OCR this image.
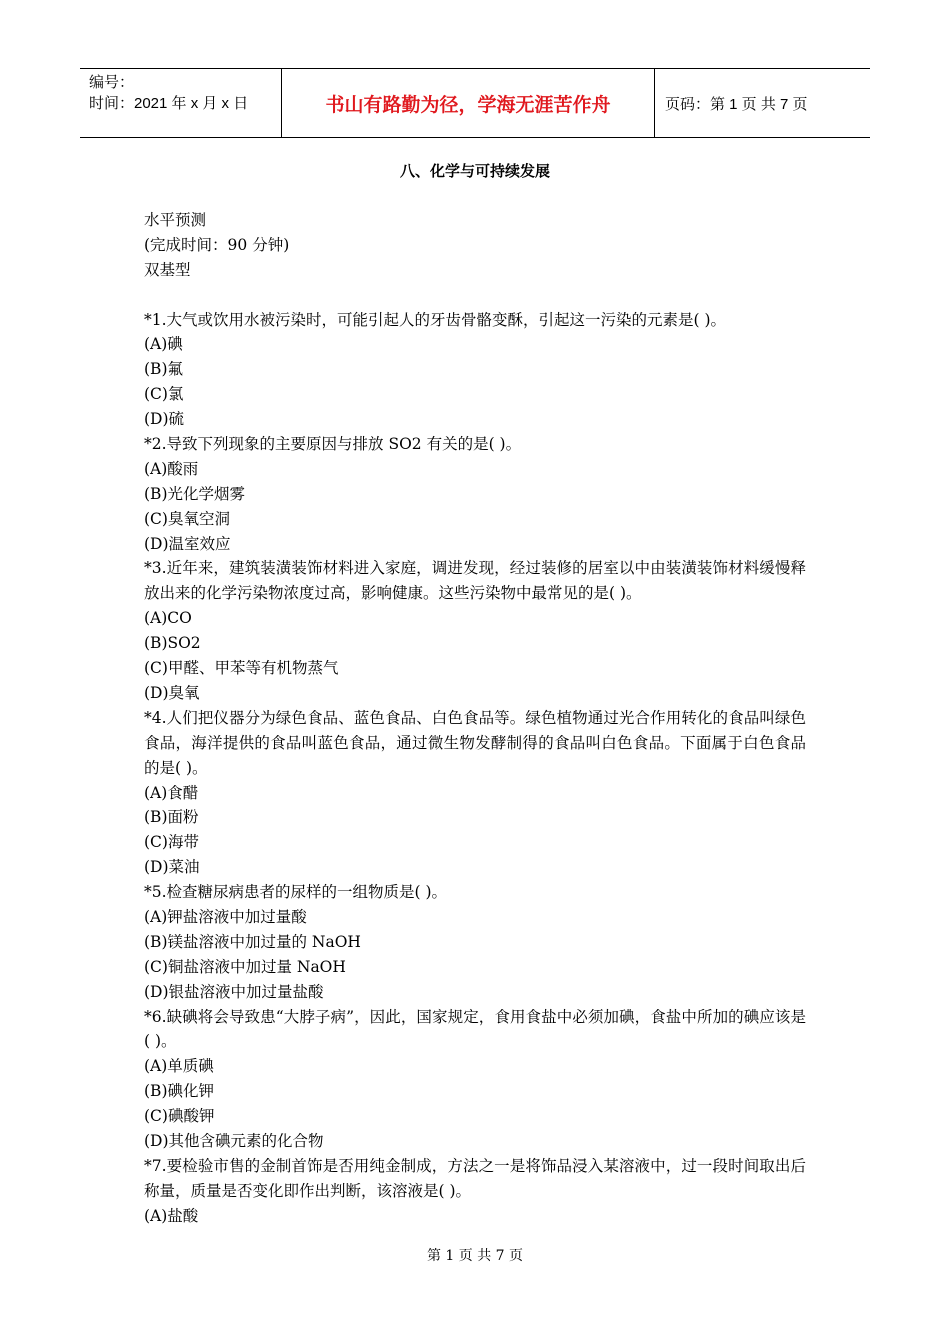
编号：
时间：2021 年 x 月 x 日	书山有路勤为径，学海无涯苦作舟	页码：第 1 页 共 7 页
八、化学与可持续发展
水平预测
(完成时间：90 分钟)
双基型
*1.大气或饮用水被污染时，可能引起人的牙齿骨骼变酥，引起这一污染的元素是( )。
(A)碘
(B)氟
(C)氯
(D)硫
*2.导致下列现象的主要原因与排放 SO2 有关的是( )。
(A)酸雨
(B)光化学烟雾
(C)臭氧空洞
(D)温室效应
*3.近年来，建筑装潢装饰材料进入家庭，调进发现，经过装修的居室以中由装潢装饰材料缓慢释放出来的化学污染物浓度过高，影响健康。这些污染物中最常见的是( )。
(A)CO
(B)SO2
(C)甲醛、甲苯等有机物蒸气
(D)臭氧
*4.人们把仪器分为绿色食品、蓝色食品、白色食品等。绿色植物通过光合作用转化的食品叫绿色食品，海洋提供的食品叫蓝色食品，通过微生物发酵制得的食品叫白色食品。下面属于白色食品的是( )。
(A)食醋
(B)面粉
(C)海带
(D)菜油
*5.检查糖尿病患者的尿样的一组物质是( )。
(A)钾盐溶液中加过量酸
(B)镁盐溶液中加过量的 NaOH
(C)铜盐溶液中加过量 NaOH
(D)银盐溶液中加过量盐酸
*6.缺碘将会导致患“大脖子病”，因此，国家规定，食用食盐中必须加碘，食盐中所加的碘应该是( )。
(A)单质碘
(B)碘化钾
(C)碘酸钾
(D)其他含碘元素的化合物
*7.要检验市售的金制首饰是否用纯金制成，方法之一是将饰品浸入某溶液中，过一段时间取出后称量，质量是否变化即作出判断，该溶液是( )。
(A)盐酸
第 1 页 共 7 页
